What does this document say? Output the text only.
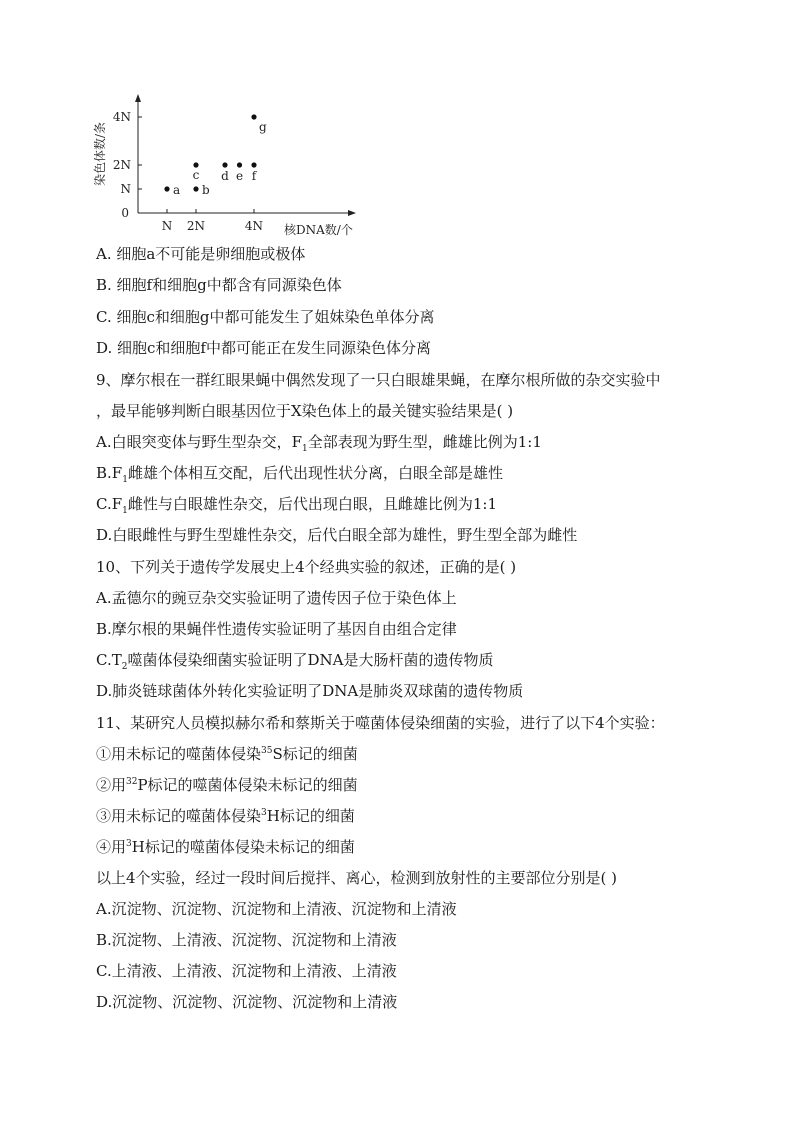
染色体数/条
N 2N	4N
0
N
2N
4N
a b
c d e f
g
核DNA数/个
A. 细胞a不可能是卵细胞或极体
B. 细胞f和细胞g中都含有同源染色体
C. 细胞c和细胞g中都可能发生了姐妹染色单体分离
D. 细胞c和细胞f中都可能正在发生同源染色体分离
9、摩尔根在一群红眼果蝇中偶然发现了一只白眼雄果蝇，在摩尔根所做的杂交实验中
，最早能够判断白眼基因位于X染色体上的最关键实验结果是( )
A.白眼突变体与野生型杂交，$F_1$全部表现为野生型，雌雄比例为1:1
$B.F_1$雌雄个体相互交配，后代出现性状分离，白眼全部是雄性
$C.F_1$雌性与白眼雄性杂交，后代出现白眼，且雌雄比例为1:1
D.白眼雌性与野生型雄性杂交，后代白眼全部为雄性，野生型全部为雌性
10、下列关于遗传学发展史上4个经典实验的叙述，正确的是( )
A.孟德尔的豌豆杂交实验证明了遗传因子位于染色体上
B.摩尔根的果蝇伴性遗传实验证明了基因自由组合定律
$C.T_2$噬菌体侵染细菌实验证明了DNA是大肠杆菌的遗传物质
D.肺炎链球菌体外转化实验证明了DNA是肺炎双球菌的遗传物质
11、某研究人员模拟赫尔希和蔡斯关于噬菌体侵染细菌的实验，进行了以下4个实验：
①用未标记的噬菌体侵染$^{35}$S标记的细菌
②用$^{32}$P标记的噬菌体侵染未标记的细菌
③用未标记的噬菌体侵染$^3$H标记的细菌
④用$^3$H标记的噬菌体侵染未标记的细菌
以上4个实验，经过一段时间后搅拌、离心，检测到放射性的主要部位分别是( )
A.沉淀物、沉淀物、沉淀物和上清液、沉淀物和上清液
B.沉淀物、上清液、沉淀物、沉淀物和上清液
C.上清液、上清液、沉淀物和上清液、上清液
D.沉淀物、沉淀物、沉淀物、沉淀物和上清液
